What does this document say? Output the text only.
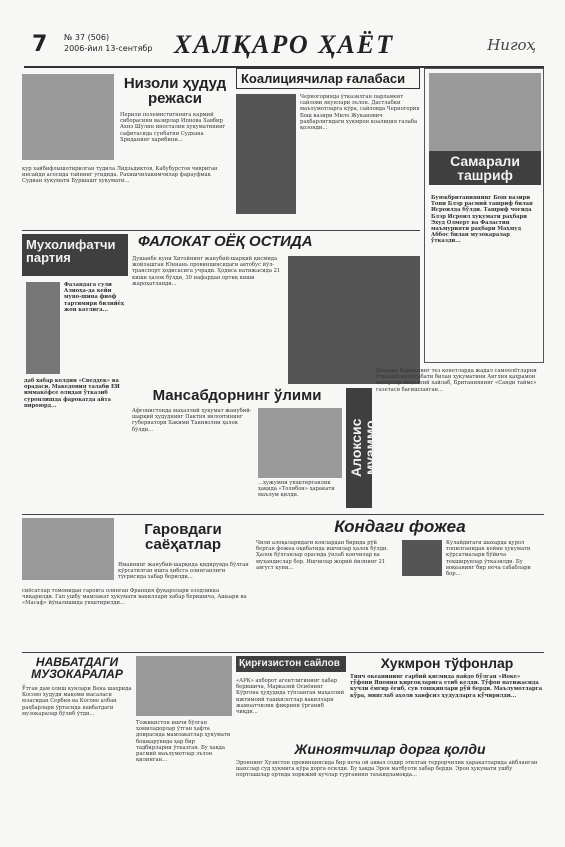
7 № 37 (506)
2006-йил 13-сентябр ХАЛҚАРО ҲАЁТ	Нигоҳ
Низоли ҳудуд режаси
Нерили полемистигинига кармий сиборасини вазирлар Ипнова Хавбир Ахнэ Шулин иносталин хукуматининг сафитасида сунбатни Судхана Хриданинг харибини...
кур хайбифлышотирилган тудила Лидзьдиктов, Кабубурстов чивриган инсайди асосида тайнинг угидида. Рахишчилакимчилар фарауфмак Судиан хукумати Буршашт хукумати...
Коалициячилар ғалабаси
Черногорияда ўтказилган парламент сайлови якунлари эълон. Дастлабки маълумотларга кўра, сайловда Черногория Бош вазири Мило Жуканович раҳбарлигидаги хукмрон коалиция галаба қозонди...
Самарали ташриф
Буюкбританиянинг Бош вазири Тони Блэр расмий ташриф билан Исроилда бўлди. Ташриф чоғида Блэр Исроил хукумати раҳбари Эхуд Олмерт ва Фаластин маъмурияти раҳбари Маҳмуд Аббос билан музокаралар ўтказди...
Мухолифатчи партия
Фазандага сули Алиоҳа-да кейи муно-шина фиоф тартимири билийёҳ жон катлига...
даб хабар колдин «Сведдек» ва орадаси. Македония талаби ЕИ иммакёфсе олидан ўтказиб суронлишда фарокатда айта пироюрд...
ФАЛОКАТ ОЁҚ ОСТИДА
Душанбе куни Хитойнинг жанубий-шарқий қисмида жойлашган Юннань провинциясидаги автобус йўл-транспорт ҳодисасига учради. Ҳодиса натижасида 21 киши ҳалок бўлди, 30 нафардан ортиқ киши жароҳатланди...
Мансабдорнинг ўлими
Афғонистонда маҳаллий ҳукумат жанубий-шарқий ҳудуднинг Пактия вилоятининг губернатори Хакими Таниволни ҳалок бўлди...
...ҳужумни уюштирганлик ҳақида «Толибон» ҳаракати маълум қилди.
Алоксис муаммо
Шандан Кораннинг тез конетларда жадал самоолётларни ўтказиш муносабати билан ҳукуматини Англия қаҳрамон вазирлар маҳаллий хайлаб, Британиянинг «Санди таймс» газетаси бағишланган...
Гаровдаги саёҳатлар
Яманнинг жанубий-шарқида қидирувда бўлган кўрсатилган ишга ҳибсга олинганлиги тўғрисида хабар берилди...
сиёсатлар томонидан гаровга олинган Франция фуқаролари озодликка чиқарилди. Гап ушбу мамлакат ҳукумати вакиллари хабар беришича, Ашьари ва «Масаф» йўналишида уюштирилди...
Кондаги фожеа
Чили алоқаларидаги конлардан бирида рўй берган фожеа оқибатида ишчилар ҳалок бўлди. Ҳалок бўлганлар орасида ўнлаб кончилар ва муҳандислар бор. Ишчилар жорий йилнинг 21 август куни...
Кулайдигаги шахарда қурол топилганидан кейин ҳукумати кўрсатмалари бўйича текширувлар ўтказилди. Бу воқеанинг бир неча сабаблари бор...
НАВБАТДАГИ МУЗОКАРАЛАР
Ўтган дам олиш кунлари Вена шаҳрида Косово ҳудуди мақоми масаласи юзасидан Сербия ва Косово албан раҳбарлари ўртасида навбатдаги музокаралар бўлиб ўтди...
Тожикистон ишчи бўлган ҳомиладорлар ўтган ҳафта доирасида мамлакатлар ҳукумати бошқарувида ҳар бир тадбирларни ўтказган. Бу ҳақда расмий маълумотлар эълон қилинган...
Қирғизистон сайлов
«АРК» ахборот агентлигининг хабар беришича, Марказий Осиёнинг Кўргона ҳудудида тўпланган маҳаллий ижтимоий ташкилотлар вакиллари жамоатчилик фикрини ўрганиб чиқди...
Хукмрон тўфонлар
Тинч океанининг ғарбий қисмида пайдо бўлган «Иоке» тўфони Япония қирғоқларига етиб келди. Тўфон натижасида кучли ёмғир ёғиб, сув тошқинлари рўй берди. Маълумотларга кўра, минглаб аҳоли хавфсиз ҳудудларга кўчирилди...
Жиноятчилар дорга қолди
Эроннинг Хузистон провинциясида бир неча ой аввал содир этилган террорчилик ҳаракатларида айбланган шахслар суд ҳукмига кўра дорга осилди. Бу ҳақда Эрон матбуоти хабар берди. Эрон ҳукумати ушбу портлашлар ортида хорижий кучлар турганини таъкидламоқда...
